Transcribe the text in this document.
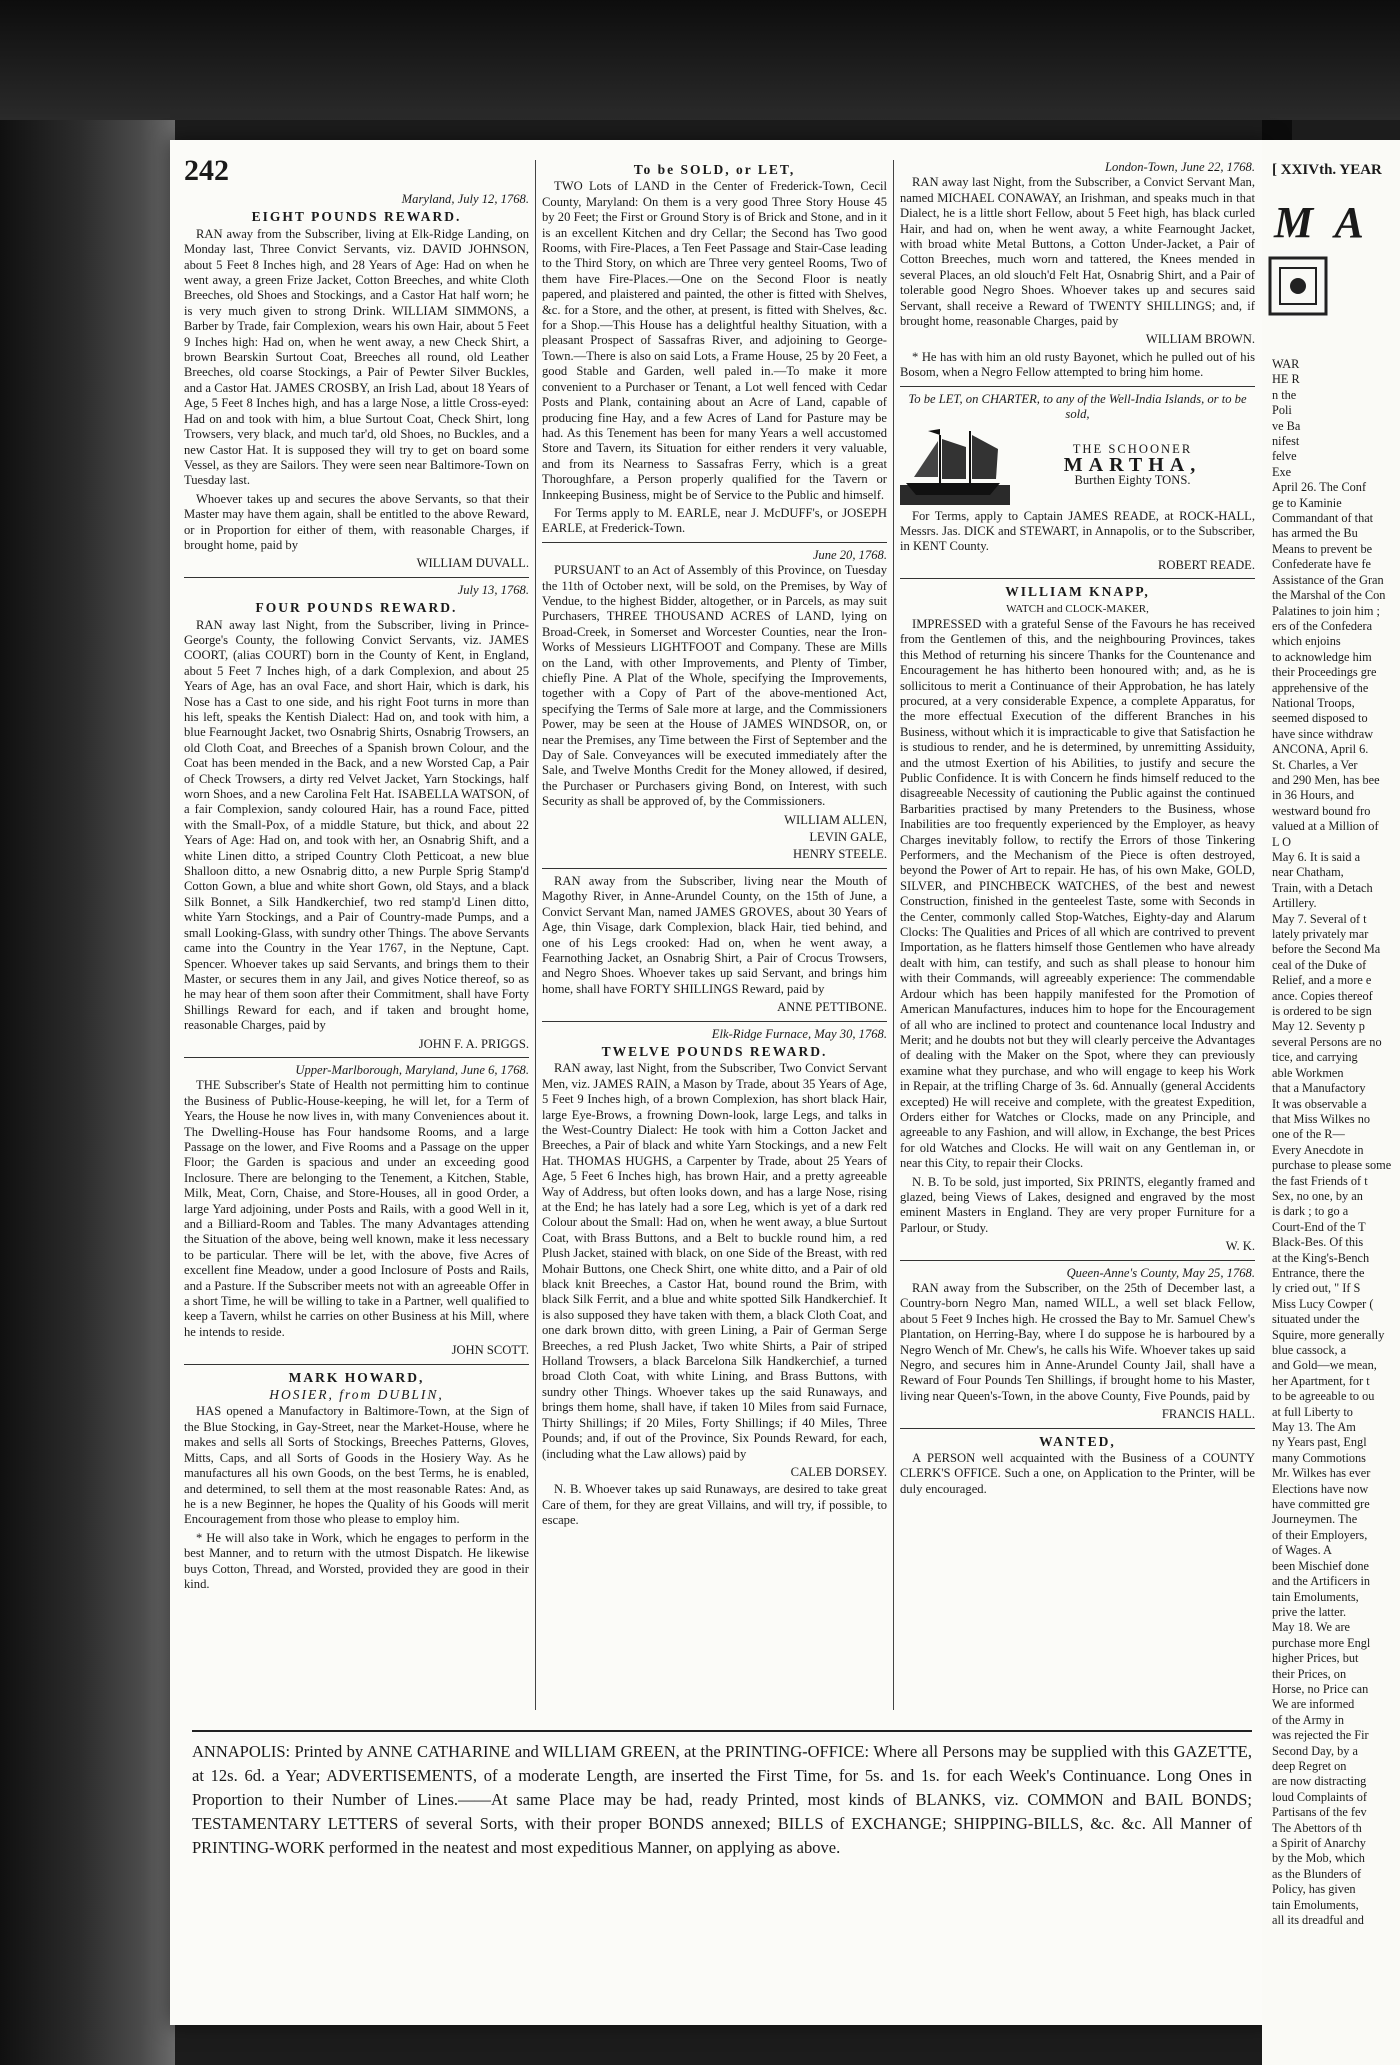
242
Maryland, July 12, 1768.
EIGHT POUNDS REWARD.

RAN away from the Subscriber, living at Elk-Ridge Landing, on Monday last, Three Convict Servants, viz. DAVID JOHNSON, about 5 Feet 8 Inches high, and 28 Years of Age: Had on when he went away, a green Frize Jacket, Cotton Breeches, and white Cloth Breeches, old Shoes and Stockings, and a Castor Hat half worn; he is very much given to strong Drink. WILLIAM SIMMONS, a Barber by Trade, fair Complexion, wears his own Hair, about 5 Feet 9 Inches high: Had on, when he went away, a new Check Shirt, a brown Bearskin Surtout Coat, Breeches all round, old Leather Breeches, old coarse Stockings, a Pair of Pewter Silver Buckles, and a Castor Hat. JAMES CROSBY, an Irish Lad, about 18 Years of Age, 5 Feet 8 Inches high, and has a large Nose, a little Cross-eyed: Had on and took with him, a blue Surtout Coat, Check Shirt, long Trowsers, very black, and much tar'd, old Shoes, no Buckles, and a new Castor Hat. It is supposed they will try to get on board some Vessel, as they are Sailors. They were seen near Baltimore-Town on Tuesday last.

Whoever takes up and secures the above Servants, so that their Master may have them again, shall be entitled to the above Reward, or in Proportion for either of them, with reasonable Charges, if brought home, paid by

WILLIAM DUVALL.
July 13, 1768.
FOUR POUNDS REWARD.

RAN away last Night, from the Subscriber, living in Prince-George's County, the following Convict Servants, viz. JAMES COORT, (alias COURT) born in the County of Kent, in England, about 5 Feet 7 Inches high, of a dark Complexion, and about 25 Years of Age, has an oval Face, and short Hair, which is dark, his Nose has a Cast to one side, and his right Foot turns in more than his left, speaks the Kentish Dialect: Had on, and took with him, a blue Fearnought Jacket, two Osnabrig Shirts, Osnabrig Trowsers, an old Cloth Coat, and Breeches of a Spanish brown Colour, and the Coat has been mended in the Back, and a new Worsted Cap, a Pair of Check Trowsers, a dirty red Velvet Jacket, Yarn Stockings, half worn Shoes, and a new Carolina Felt Hat. ISABELLA WATSON, of a fair Complexion, sandy coloured Hair, has a round Face, pitted with the Small-Pox, of a middle Stature, but thick, and about 22 Years of Age: Had on, and took with her, an Osnabrig Shift, and a white Linen ditto, a striped Country Cloth Petticoat, a new blue Shalloon ditto, a new Osnabrig ditto, a new Purple Sprig Stamp'd Cotton Gown, a blue and white short Gown, old Stays, and a black Silk Bonnet, a Silk Handkerchief, two red stamp'd Linen ditto, white Yarn Stockings, and a Pair of Country-made Pumps, and a small Looking-Glass, with sundry other Things. The above Servants came into the Country in the Year 1767, in the Neptune, Capt. Spencer. Whoever takes up said Servants, and brings them to their Master, or secures them in any Jail, and gives Notice thereof, so as he may hear of them soon after their Commitment, shall have Forty Shillings Reward for each, and if taken and brought home, reasonable Charges, paid by

JOHN F. A. PRIGGS.
Upper-Marlborough, Maryland, June 6, 1768.

THE Subscriber's State of Health not permitting him to continue the Business of Public-House-keeping, he will let, for a Term of Years, the House he now lives in, with many Conveniences about it. The Dwelling-House has Four handsome Rooms, and a large Passage on the lower, and Five Rooms and a Passage on the upper Floor; the Garden is spacious and under an exceeding good Inclosure. There are belonging to the Tenement, a Kitchen, Stable, Milk, Meat, Corn, Chaise, and Store-Houses, all in good Order, a large Yard adjoining, under Posts and Rails, with a good Well in it, and a Billiard-Room and Tables. The many Advantages attending the Situation of the above, being well known, make it less necessary to be particular. There will be let, with the above, five Acres of excellent fine Meadow, under a good Inclosure of Posts and Rails, and a Pasture. If the Subscriber meets not with an agreeable Offer in a short Time, he will be willing to take in a Partner, well qualified to keep a Tavern, whilst he carries on other Business at his Mill, where he intends to reside.

JOHN SCOTT.
MARK HOWARD,
HOSIER, from DUBLIN,

HAS opened a Manufactory in Baltimore-Town, at the Sign of the Blue Stocking, in Gay-Street, near the Market-House, where he makes and sells all Sorts of Stockings, Breeches Patterns, Gloves, Mitts, Caps, and all Sorts of Goods in the Hosiery Way. As he manufactures all his own Goods, on the best Terms, he is enabled, and determined, to sell them at the most reasonable Rates: And, as he is a new Beginner, he hopes the Quality of his Goods will merit Encouragement from those who please to employ him.

* He will also take in Work, which he engages to perform in the best Manner, and to return with the utmost Dispatch. He likewise buys Cotton, Thread, and Worsted, provided they are good in their kind.

To be SOLD, or LET,

TWO Lots of LAND in the Center of Frederick-Town, Cecil County, Maryland: On them is a very good Three Story House 45 by 20 Feet; the First or Ground Story is of Brick and Stone, and in it is an excellent Kitchen and dry Cellar; the Second has Two good Rooms, with Fire-Places, a Ten Feet Passage and Stair-Case leading to the Third Story, on which are Three very genteel Rooms, Two of them have Fire-Places.—One on the Second Floor is neatly papered, and plaistered and painted, the other is fitted with Shelves, &c. for a Store, and the other, at present, is fitted with Shelves, &c. for a Shop.—This House has a delightful healthy Situation, with a pleasant Prospect of Sassafras River, and adjoining to George-Town.—There is also on said Lots, a Frame House, 25 by 20 Feet, a good Stable and Garden, well paled in.—To make it more convenient to a Purchaser or Tenant, a Lot well fenced with Cedar Posts and Plank, containing about an Acre of Land, capable of producing fine Hay, and a few Acres of Land for Pasture may be had. As this Tenement has been for many Years a well accustomed Store and Tavern, its Situation for either renders it very valuable, and from its Nearness to Sassafras Ferry, which is a great Thoroughfare, a Person properly qualified for the Tavern or Innkeeping Business, might be of Service to the Public and himself.

For Terms apply to M. EARLE, near J. McDUFF's, or JOSEPH EARLE, at Frederick-Town.

June 20, 1768.

PURSUANT to an Act of Assembly of this Province, on Tuesday the 11th of October next, will be sold, on the Premises, by Way of Vendue, to the highest Bidder, altogether, or in Parcels, as may suit Purchasers, THREE THOUSAND ACRES of LAND, lying on Broad-Creek, in Somerset and Worcester Counties, near the Iron-Works of Messieurs LIGHTFOOT and Company. These are Mills on the Land, with other Improvements, and Plenty of Timber, chiefly Pine. A Plat of the Whole, specifying the Improvements, together with a Copy of Part of the above-mentioned Act, specifying the Terms of Sale more at large, and the Commissioners Power, may be seen at the House of JAMES WINDSOR, on, or near the Premises, any Time between the First of September and the Day of Sale. Conveyances will be executed immediately after the Sale, and Twelve Months Credit for the Money allowed, if desired, the Purchaser or Purchasers giving Bond, on Interest, with such Security as shall be approved of, by the Commissioners.

WILLIAM ALLEN,
LEVIN GALE,
HENRY STEELE.

RAN away from the Subscriber, living near the Mouth of Magothy River, in Anne-Arundel County, on the 15th of June, a Convict Servant Man, named JAMES GROVES, about 30 Years of Age, thin Visage, dark Complexion, black Hair, tied behind, and one of his Legs crooked: Had on, when he went away, a Fearnothing Jacket, an Osnabrig Shirt, a Pair of Crocus Trowsers, and Negro Shoes. Whoever takes up said Servant, and brings him home, shall have FORTY SHILLINGS Reward, paid by

ANNE PETTIBONE.
Elk-Ridge Furnace, May 30, 1768.
TWELVE POUNDS REWARD.

RAN away, last Night, from the Subscriber, Two Convict Servant Men, viz. JAMES RAIN, a Mason by Trade, about 35 Years of Age, 5 Feet 9 Inches high, of a brown Complexion, has short black Hair, large Eye-Brows, a frowning Down-look, large Legs, and talks in the West-Country Dialect: He took with him a Cotton Jacket and Breeches, a Pair of black and white Yarn Stockings, and a new Felt Hat. THOMAS HUGHS, a Carpenter by Trade, about 25 Years of Age, 5 Feet 6 Inches high, has brown Hair, and a pretty agreeable Way of Address, but often looks down, and has a large Nose, rising at the End; he has lately had a sore Leg, which is yet of a dark red Colour about the Small: Had on, when he went away, a blue Surtout Coat, with Brass Buttons, and a Belt to buckle round him, a red Plush Jacket, stained with black, on one Side of the Breast, with red Mohair Buttons, one Check Shirt, one white ditto, and a Pair of old black knit Breeches, a Castor Hat, bound round the Brim, with black Silk Ferrit, and a blue and white spotted Silk Handkerchief. It is also supposed they have taken with them, a black Cloth Coat, and one dark brown ditto, with green Lining, a Pair of German Serge Breeches, a red Plush Jacket, Two white Shirts, a Pair of striped Holland Trowsers, a black Barcelona Silk Handkerchief, a turned broad Cloth Coat, with white Lining, and Brass Buttons, with sundry other Things. Whoever takes up the said Runaways, and brings them home, shall have, if taken 10 Miles from said Furnace, Thirty Shillings; if 20 Miles, Forty Shillings; if 40 Miles, Three Pounds; and, if out of the Province, Six Pounds Reward, for each, (including what the Law allows) paid by

CALEB DORSEY.

N. B. Whoever takes up said Runaways, are desired to take great Care of them, for they are great Villains, and will try, if possible, to escape.

London-Town, June 22, 1768.

RAN away last Night, from the Subscriber, a Convict Servant Man, named MICHAEL CONAWAY, an Irishman, and speaks much in that Dialect, he is a little short Fellow, about 5 Feet high, has black curled Hair, and had on, when he went away, a white Fearnought Jacket, with broad white Metal Buttons, a Cotton Under-Jacket, a Pair of Cotton Breeches, much worn and tattered, the Knees mended in several Places, an old slouch'd Felt Hat, Osnabrig Shirt, and a Pair of tolerable good Negro Shoes. Whoever takes up and secures said Servant, shall receive a Reward of TWENTY SHILLINGS; and, if brought home, reasonable Charges, paid by

WILLIAM BROWN.

* He has with him an old rusty Bayonet, which he pulled out of his Bosom, when a Negro Fellow attempted to bring him home.

To be LET, on CHARTER, to any of the Well-India Islands, or to be sold,
THE SCHOONER
MARTHA,
Burthen Eighty TONS.

For Terms, apply to Captain JAMES READE, at ROCK-HALL, Messrs. Jas. DICK and STEWART, in Annapolis, or to the Subscriber, in KENT County.

ROBERT READE.
WILLIAM KNAPP,
WATCH and CLOCK-MAKER,

IMPRESSED with a grateful Sense of the Favours he has received from the Gentlemen of this, and the neighbouring Provinces, takes this Method of returning his sincere Thanks for the Countenance and Encouragement he has hitherto been honoured with; and, as he is sollicitous to merit a Continuance of their Approbation, he has lately procured, at a very considerable Expence, a complete Apparatus, for the more effectual Execution of the different Branches in his Business, without which it is impracticable to give that Satisfaction he is studious to render, and he is determined, by unremitting Assiduity, and the utmost Exertion of his Abilities, to justify and secure the Public Confidence. It is with Concern he finds himself reduced to the disagreeable Necessity of cautioning the Public against the continued Barbarities practised by many Pretenders to the Business, whose Inabilities are too frequently experienced by the Employer, as heavy Charges inevitably follow, to rectify the Errors of those Tinkering Performers, and the Mechanism of the Piece is often destroyed, beyond the Power of Art to repair. He has, of his own Make, GOLD, SILVER, and PINCHBECK WATCHES, of the best and newest Construction, finished in the genteelest Taste, some with Seconds in the Center, commonly called Stop-Watches, Eighty-day and Alarum Clocks: The Qualities and Prices of all which are contrived to prevent Importation, as he flatters himself those Gentlemen who have already dealt with him, can testify, and such as shall please to honour him with their Commands, will agreeably experience: The commendable Ardour which has been happily manifested for the Promotion of American Manufactures, induces him to hope for the Encouragement of all who are inclined to protect and countenance local Industry and Merit; and he doubts not but they will clearly perceive the Advantages of dealing with the Maker on the Spot, where they can previously examine what they purchase, and who will engage to keep his Work in Repair, at the trifling Charge of 3s. 6d. Annually (general Accidents excepted) He will receive and complete, with the greatest Expedition, Orders either for Watches or Clocks, made on any Principle, and agreeable to any Fashion, and will allow, in Exchange, the best Prices for old Watches and Clocks. He will wait on any Gentleman in, or near this City, to repair their Clocks.

N. B. To be sold, just imported, Six PRINTS, elegantly framed and glazed, being Views of Lakes, designed and engraved by the most eminent Masters in England. They are very proper Furniture for a Parlour, or Study.

W. K.
Queen-Anne's County, May 25, 1768.

RAN away from the Subscriber, on the 25th of December last, a Country-born Negro Man, named WILL, a well set black Fellow, about 5 Feet 9 Inches high. He crossed the Bay to Mr. Samuel Chew's Plantation, on Herring-Bay, where I do suppose he is harboured by a Negro Wench of Mr. Chew's, he calls his Wife. Whoever takes up said Negro, and secures him in Anne-Arundel County Jail, shall have a Reward of Four Pounds Ten Shillings, if brought home to his Master, living near Queen's-Town, in the above County, Five Pounds, paid by

FRANCIS HALL.
WANTED,

A PERSON well acquainted with the Business of a COUNTY CLERK'S OFFICE. Such a one, on Application to the Printer, will be duly encouraged.

ANNAPOLIS: Printed by ANNE CATHARINE and WILLIAM GREEN, at the PRINTING-OFFICE: Where all Persons may be supplied with this GAZETTE, at 12s. 6d. a Year; ADVERTISEMENTS, of a moderate Length, are inserted the First Time, for 5s. and 1s. for each Week's Continuance. Long Ones in Proportion to their Number of Lines.——At same Place may be had, ready Printed, most kinds of BLANKS, viz. COMMON and BAIL BONDS; TESTAMENTARY LETTERS of several Sorts, with their proper BONDS annexed; BILLS of EXCHANGE; SHIPPING-BILLS, &c. &c. All Manner of PRINTING-WORK performed in the neatest and most expeditious Manner, on applying as above.
[ XXIVth. YEAR
M A

WAR

HE R

n the

Poli

ve Ba

nifest

felve

Exe

April 26. The Conf

ge to Kaminie

Commandant of that

has armed the Bu

Means to prevent be

Confederate have fe

Assistance of the Gran

the Marshal of the Con

Palatines to join him ;

ers of the Confedera

which enjoins

to acknowledge him

their Proceedings gre

apprehensive of the

National Troops,

seemed disposed to

have since withdraw

ANCONA, April 6.

St. Charles, a Ver

and 290 Men, has bee

in 36 Hours, and

westward bound fro

valued at a Million of

L O

May 6. It is said a

near Chatham,

Train, with a Detach

Artillery.

May 7. Several of t

lately privately mar

before the Second Ma

ceal of the Duke of

Relief, and a more e

ance. Copies thereof

is ordered to be sign

May 12. Seventy p

several Persons are no

tice, and carrying

able Workmen

that a Manufactory

It was observable a

that Miss Wilkes no

one of the R—

Every Anecdote in

purchase to please some

the fast Friends of t

Sex, no one, by an

is dark ; to go a

Court-End of the T

Black-Bes. Of this

at the King's-Bench

Entrance, there the

ly cried out, " If S

Miss Lucy Cowper (

situated under the

Squire, more generally

blue cassock, a

and Gold—we mean,

her Apartment, for t

to be agreeable to ou

at full Liberty to

May 13. The Am

ny Years past, Engl

many Commotions

Mr. Wilkes has ever

Elections have now

have committed gre

Journeymen. The

of their Employers,

of Wages. A

been Mischief done

and the Artificers in

tain Emoluments,

prive the latter.

May 18. We are

purchase more Engl

higher Prices, but

their Prices, on

Horse, no Price can

We are informed

of the Army in

was rejected the Fir

Second Day, by a

deep Regret on

are now distracting

loud Complaints of

Partisans of the fev

The Abettors of th

a Spirit of Anarchy

by the Mob, which

as the Blunders of

Policy, has given

tain Emoluments,

all its dreadful and
